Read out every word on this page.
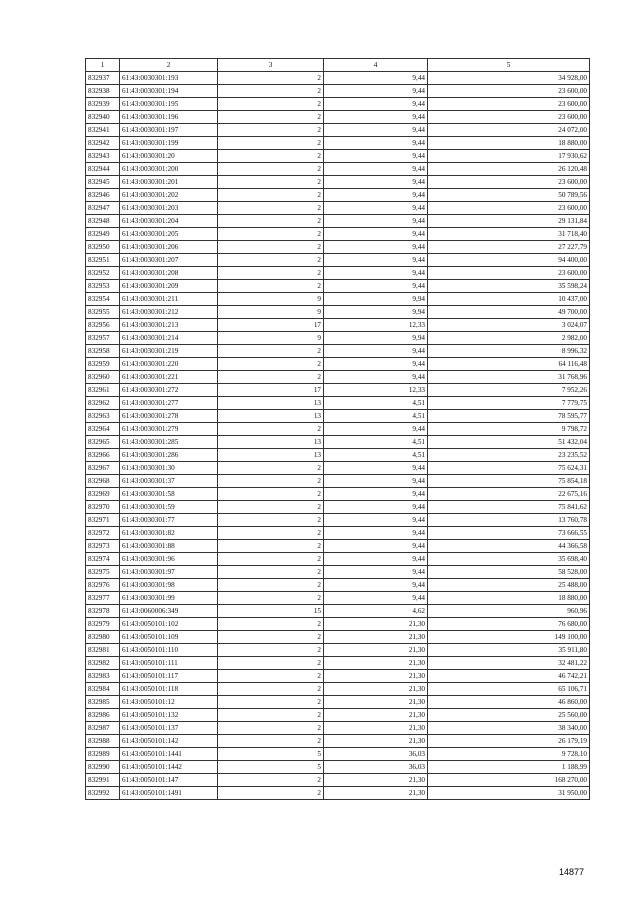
1	2	3	4	5
832937	61:43:0030301:193	2	9,44	34 928,00
832938	61:43:0030301:194	2	9,44	23 600,00
832939	61:43:0030301:195	2	9,44	23 600,00
832940	61:43:0030301:196	2	9,44	23 600,00
832941	61:43:0030301:197	2	9,44	24 072,00
832942	61:43:0030301:199	2	9,44	18 880,00
832943	61:43:0030301:20	2	9,44	17 930,62
832944	61:43:0030301:200	2	9,44	26 120,48
832945	61:43:0030301:201	2	9,44	23 600,00
832946	61:43:0030301:202	2	9,44	50 789,56
832947	61:43:0030301:203	2	9,44	23 600,00
832948	61:43:0030301:204	2	9,44	29 131,84
832949	61:43:0030301:205	2	9,44	31 718,40
832950	61:43:0030301:206	2	9,44	27 227,79
832951	61:43:0030301:207	2	9,44	94 400,00
832952	61:43:0030301:208	2	9,44	23 600,00
832953	61:43:0030301:209	2	9,44	35 598,24
832954	61:43:0030301:211	9	9,94	10 437,00
832955	61:43:0030301:212	9	9,94	49 700,00
832956	61:43:0030301:213	17	12,33	3 024,07
832957	61:43:0030301:214	9	9,94	2 982,00
832958	61:43:0030301:219	2	9,44	8 996,32
832959	61:43:0030301:220	2	9,44	64 116,48
832960	61:43:0030301:221	2	9,44	31 768,96
832961	61:43:0030301:272	17	12,33	7 952,26
832962	61:43:0030301:277	13	4,51	7 779,75
832963	61:43:0030301:278	13	4,51	78 595,77
832964	61:43:0030301:279	2	9,44	9 798,72
832965	61:43:0030301:285	13	4,51	51 432,04
832966	61:43:0030301:286	13	4,51	23 235,52
832967	61:43:0030301:30	2	9,44	75 624,31
832968	61:43:0030301:37	2	9,44	75 854,18
832969	61:43:0030301:58	2	9,44	22 675,16
832970	61:43:0030301:59	2	9,44	75 841,62
832971	61:43:0030301:77	2	9,44	13 760,78
832972	61:43:0030301:82	2	9,44	73 666,55
832973	61:43:0030301:88	2	9,44	44 366,58
832974	61:43:0030301:96	2	9,44	35 698,40
832975	61:43:0030301:97	2	9,44	58 528,00
832976	61:43:0030301:98	2	9,44	25 488,00
832977	61:43:0030301:99	2	9,44	18 880,00
832978	61:43:0060006:349	15	4,62	960,96
832979	61:43:0050101:102	2	21,30	76 680,00
832980	61:43:0050101:109	2	21,30	149 100,00
832981	61:43:0050101:110	2	21,30	35 911,80
832982	61:43:0050101:111	2	21,30	32 481,22
832983	61:43:0050101:117	2	21,30	46 742,21
832984	61:43:0050101:118	2	21,30	65 106,71
832985	61:43:0050101:12	2	21,30	46 860,00
832986	61:43:0050101:132	2	21,30	25 560,00
832987	61:43:0050101:137	2	21,30	38 340,00
832988	61:43:0050101:142	2	21,30	26 179,19
832989	61:43:0050101:1441	5	36,03	9 728,10
832990	61:43:0050101:1442	5	36,03	1 188,99
832991	61:43:0050101:147	2	21,30	168 270,00
832992	61:43:0050101:1491	2	21,30	31 950,00
14877
